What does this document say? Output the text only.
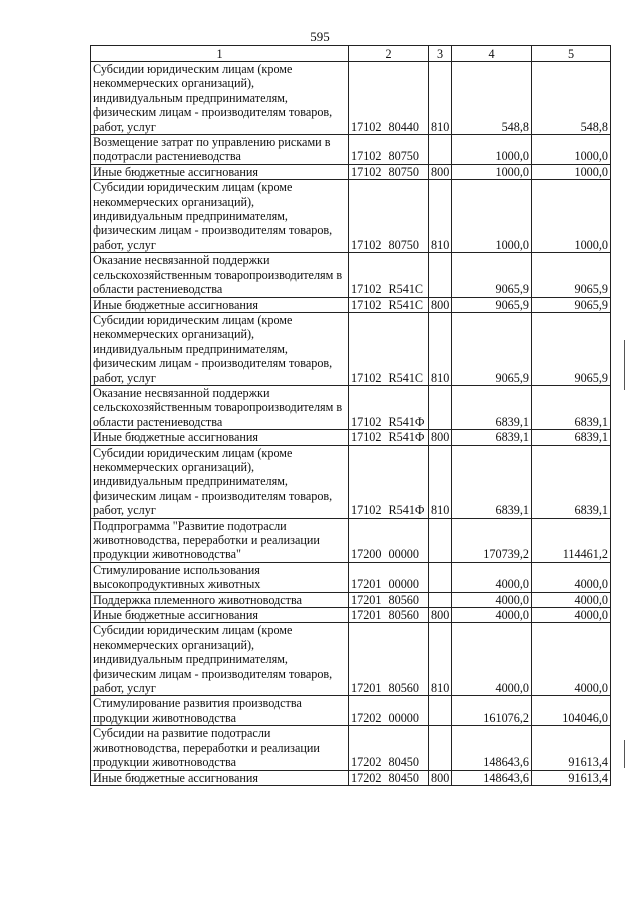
595
1	2	3	4	5
Субсидии юридическим лицам (кроме некоммерческих организаций), индивидуальным предпринимателям, физическим лицам - производителям товаров, работ, услуг	17102 80440	810	548,8	548,8
Возмещение затрат по управлению рисками в подотрасли растениеводства	17102 80750		1000,0	1000,0
Иные бюджетные ассигнования	17102 80750	800	1000,0	1000,0
Субсидии юридическим лицам (кроме некоммерческих организаций), индивидуальным предпринимателям, физическим лицам - производителям товаров, работ, услуг	17102 80750	810	1000,0	1000,0
Оказание несвязанной поддержки сельскохозяйственным товаропроизводителям в области растениеводства	17102 R541C		9065,9	9065,9
Иные бюджетные ассигнования	17102 R541C	800	9065,9	9065,9
Субсидии юридическим лицам (кроме некоммерческих организаций), индивидуальным предпринимателям, физическим лицам - производителям товаров, работ, услуг	17102 R541C	810	9065,9	9065,9
Оказание несвязанной поддержки сельскохозяйственным товаропроизводителям в области растениеводства	17102 R541Ф		6839,1	6839,1
Иные бюджетные ассигнования	17102 R541Ф	800	6839,1	6839,1
Субсидии юридическим лицам (кроме некоммерческих организаций), индивидуальным предпринимателям, физическим лицам - производителям товаров, работ, услуг	17102 R541Ф	810	6839,1	6839,1
Подпрограмма "Развитие подотрасли животноводства, переработки и реализации продукции животноводства"	17200 00000		170739,2	114461,2
Стимулирование использования высокопродуктивных животных	17201 00000		4000,0	4000,0
Поддержка племенного животноводства	17201 80560		4000,0	4000,0
Иные бюджетные ассигнования	17201 80560	800	4000,0	4000,0
Субсидии юридическим лицам (кроме некоммерческих организаций), индивидуальным предпринимателям, физическим лицам - производителям товаров, работ, услуг	17201 80560	810	4000,0	4000,0
Стимулирование развития производства продукции животноводства	17202 00000		161076,2	104046,0
Субсидии на развитие подотрасли животноводства, переработки и реализации продукции животноводства	17202 80450		148643,6	91613,4
Иные бюджетные ассигнования	17202 80450	800	148643,6	91613,4
